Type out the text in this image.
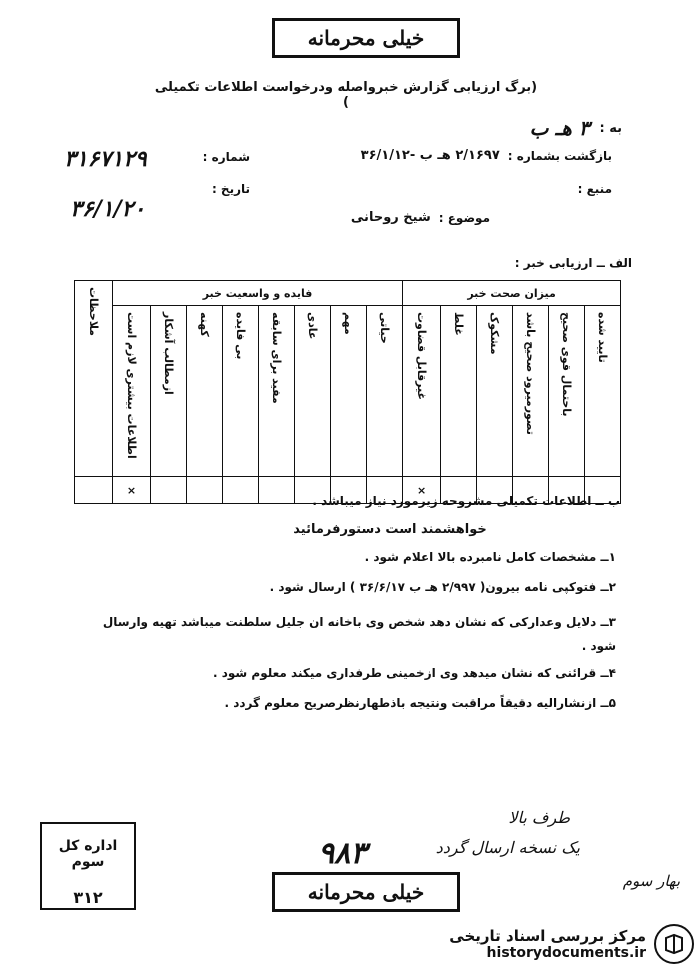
خیلی محرمانه
(برگ ارزیابی گزارش خبرواصله ودرخواست اطلاعات تکمیلی )
به :
۳ هـ ب
بازگشت بشماره :
۲/۱۶۹۷ هـ ب -۳۶/۱/۱۲
منبع :
شماره :
۳۱۶۷۱۲۹
تاریخ :
۳۶/۱/۲۰	موضوع :
شیخ روحانی
الف ــ ارزیابی خبر :
میزان صحت خبر						فایده و واسعیت خبر								ملاحظات
تایید شده	باحتمال قوی صحیح	تصورمیرود صحیح باشد	مشکوک	غلط	غیرقابل قضاوت	حیاتی	مهم	عادی	مفید برای سابقه	بی فایده	کهنه	ازمطالب آشکار	اطلاعات بیشتری لازم است	
					×								×	
ب ــ اطلاعات تکمیلی مشروحه زیرمورد نیاز میباشد .
خواهشمند است دستورفرمائید

۱ــ مشخصات کامل نامبرده بالا اعلام شود .

۲ــ فتوکپی نامه بیرون( ۲/۹۹۷ هـ ب ۳۶/۶/۱۷ ) ارسال شود .

۳ــ دلایل وعدارکی که نشان دهد شخص وی باخانه ان جلیل سلطنت میباشد تهیه وارسال شود .

۴ــ قرائنی که نشان میدهد وی ازخمینی طرفداری میکند معلوم شود .

۵ــ ازنشاراليه دقیقاً مراقبت ونتیجه باذطهارنظرصریح معلوم گردد .

اداره کل سوم
۳۱۲
۹۸۳
طرف بالا
یک نسخه ارسال گردد
بهار سوم
خیلی محرمانه
مرکز بررسی اسناد تاریخی
historydocuments.ir
